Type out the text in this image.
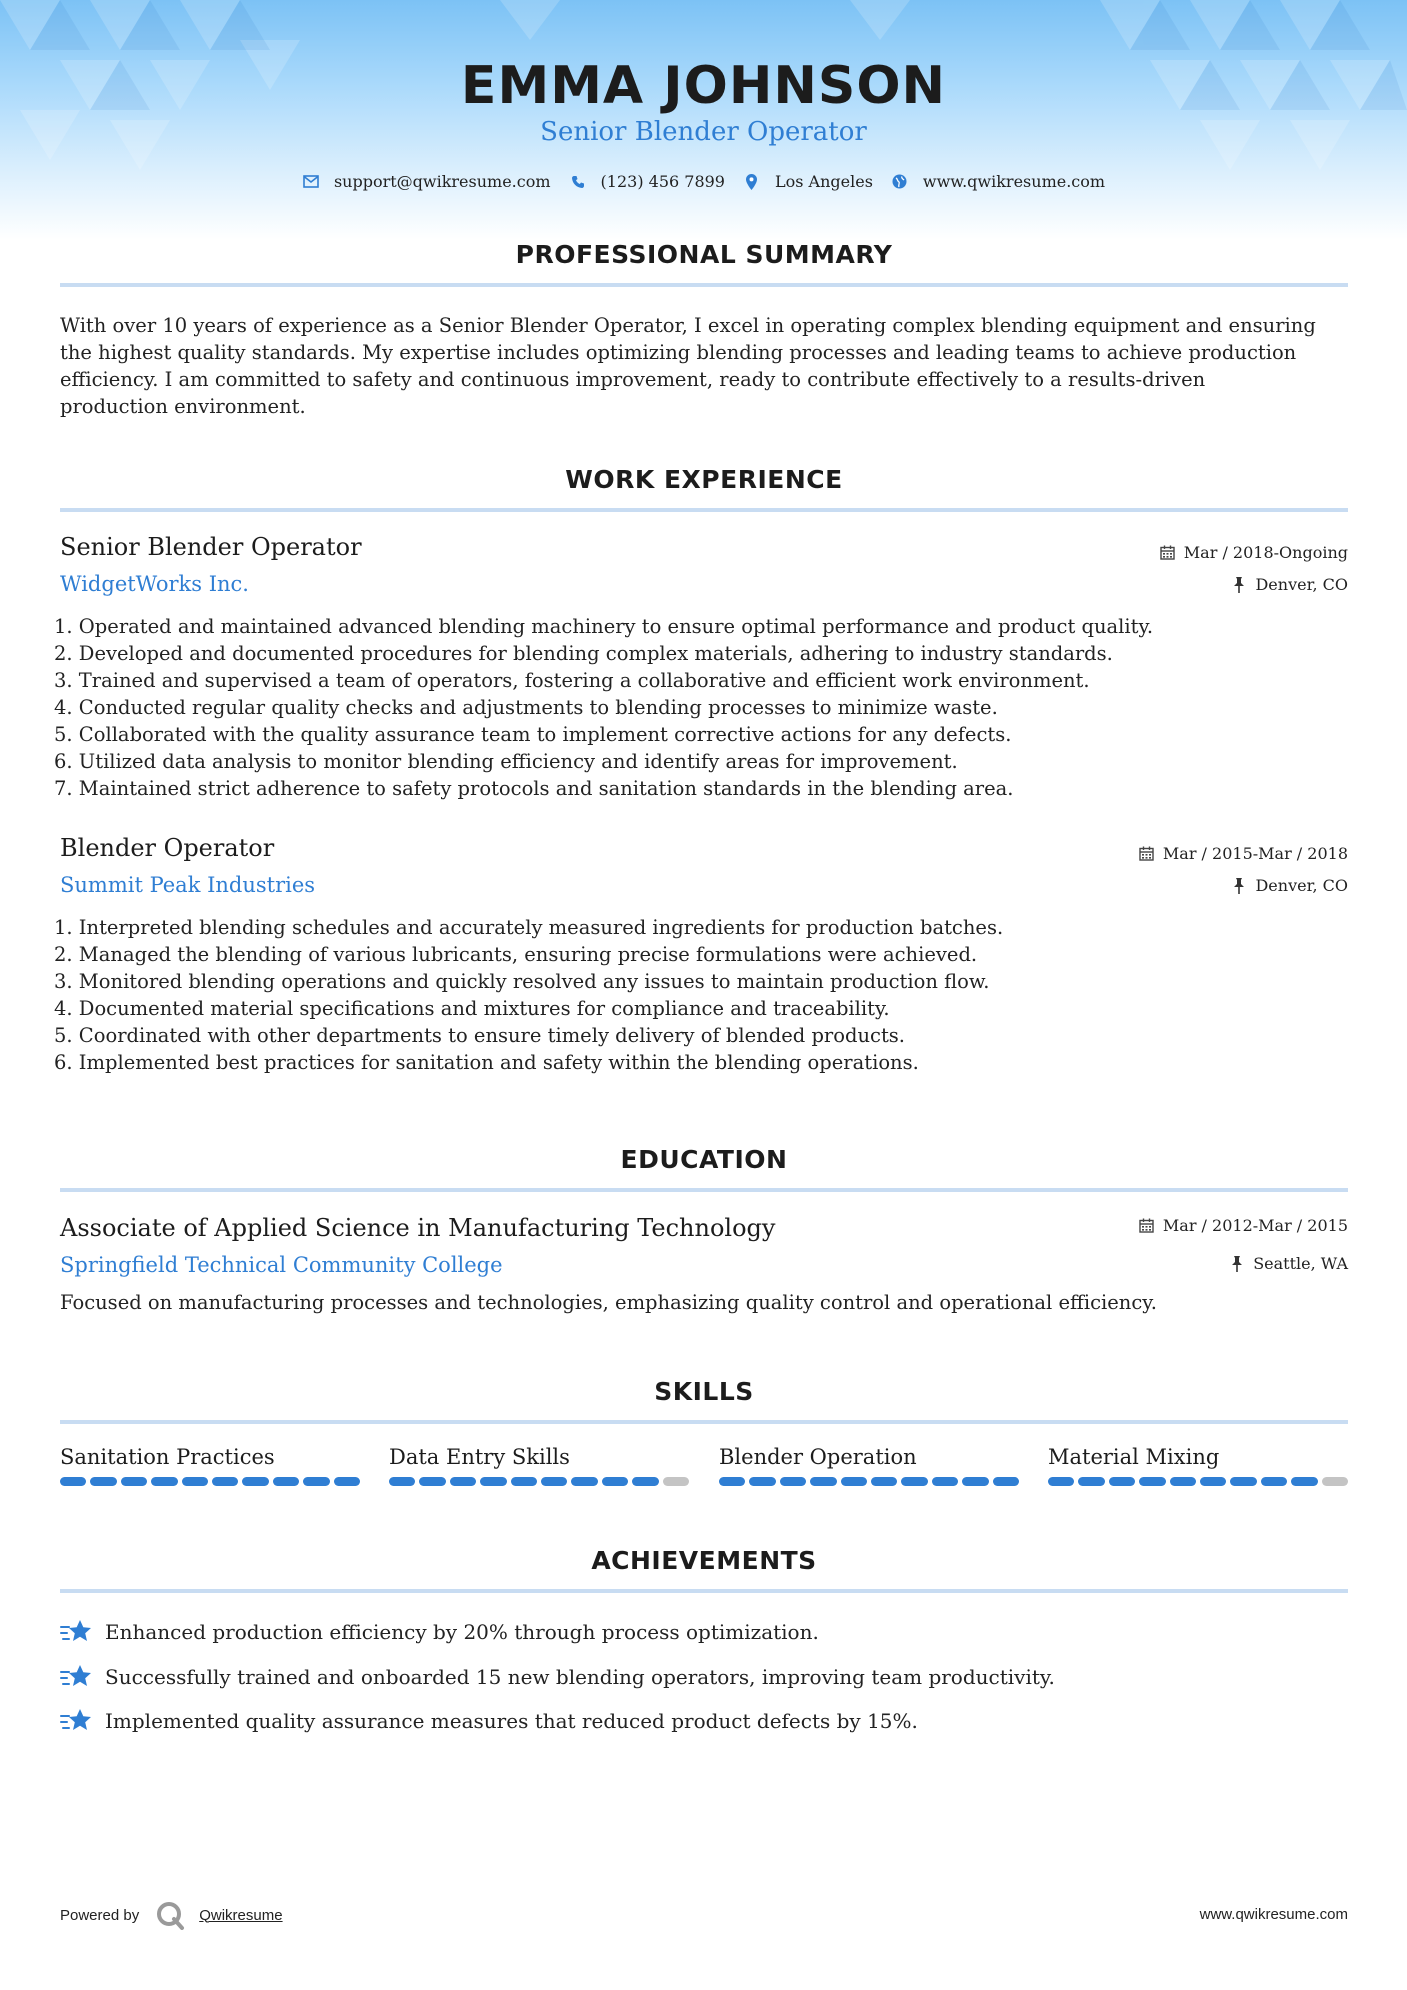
EMMA JOHNSON
Senior Blender Operator
support@qwikresume.com	(123) 456 7899	Los Angeles	www.qwikresume.com
PROFESSIONAL SUMMARY
With over 10 years of experience as a Senior Blender Operator, I excel in operating complex blending equipment and ensuring
the highest quality standards. My expertise includes optimizing blending processes and leading teams to achieve production
efficiency. I am committed to safety and continuous improvement, ready to contribute effectively to a results-driven
production environment.
WORK EXPERIENCE
Senior Blender Operator
WidgetWorks Inc.
Mar / 2018-Ongoing
Denver, CO
1. Operated and maintained advanced blending machinery to ensure optimal performance and product quality.
2. Developed and documented procedures for blending complex materials, adhering to industry standards.
3. Trained and supervised a team of operators, fostering a collaborative and efficient work environment.
4. Conducted regular quality checks and adjustments to blending processes to minimize waste.
5. Collaborated with the quality assurance team to implement corrective actions for any defects.
6. Utilized data analysis to monitor blending efficiency and identify areas for improvement.
7. Maintained strict adherence to safety protocols and sanitation standards in the blending area.
Blender Operator
Summit Peak Industries
Mar / 2015-Mar / 2018
Denver, CO
1. Interpreted blending schedules and accurately measured ingredients for production batches.
2. Managed the blending of various lubricants, ensuring precise formulations were achieved.
3. Monitored blending operations and quickly resolved any issues to maintain production flow.
4. Documented material specifications and mixtures for compliance and traceability.
5. Coordinated with other departments to ensure timely delivery of blended products.
6. Implemented best practices for sanitation and safety within the blending operations.
EDUCATION
Associate of Applied Science in Manufacturing Technology
Springfield Technical Community College
Mar / 2012-Mar / 2015
Seattle, WA
Focused on manufacturing processes and technologies, emphasizing quality control and operational efficiency.
SKILLS
Sanitation Practices	Data Entry Skills	Blender Operation	Material Mixing
ACHIEVEMENTS
Enhanced production efficiency by 20% through process optimization.
Successfully trained and onboarded 15 new blending operators, improving team productivity.
Implemented quality assurance measures that reduced product defects by 15%.
Powered by	Qwikresume	www.qwikresume.com
